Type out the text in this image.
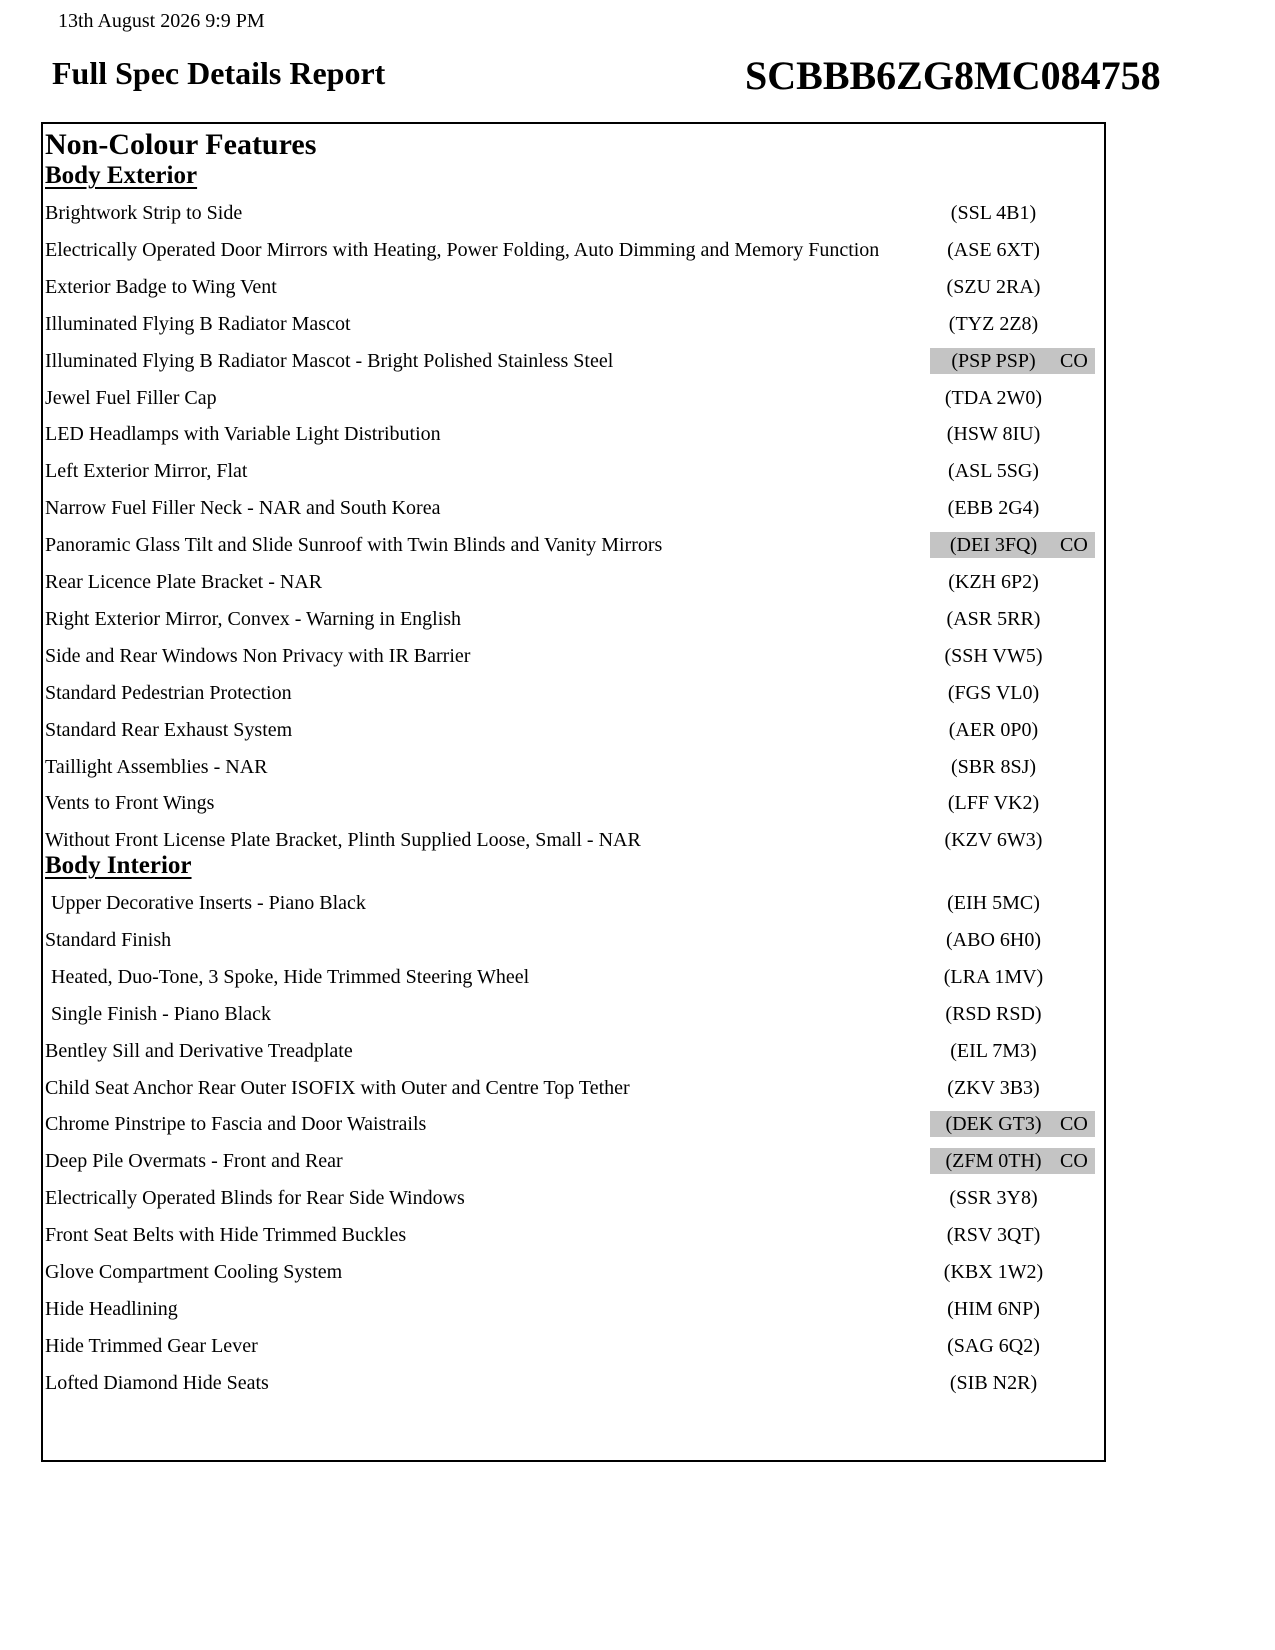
13th August 2026 9:9 PM
Full Spec Details Report	SCBBB6ZG8MC084758
Non-Colour Features
Body Exterior
Brightwork Strip to Side	(SSL 4B1)
Electrically Operated Door Mirrors with Heating, Power Folding, Auto Dimming and Memory Function	(ASE 6XT)
Exterior Badge to Wing Vent	(SZU 2RA)
Illuminated Flying B Radiator Mascot	(TYZ 2Z8)
Illuminated Flying B Radiator Mascot - Bright Polished Stainless Steel	(PSP PSP)	CO
Jewel Fuel Filler Cap	(TDA 2W0)
LED Headlamps with Variable Light Distribution	(HSW 8IU)
Left Exterior Mirror, Flat	(ASL 5SG)
Narrow Fuel Filler Neck - NAR and South Korea	(EBB 2G4)
Panoramic Glass Tilt and Slide Sunroof with Twin Blinds and Vanity Mirrors	(DEI 3FQ)	CO
Rear Licence Plate Bracket - NAR	(KZH 6P2)
Right Exterior Mirror, Convex - Warning in English	(ASR 5RR)
Side and Rear Windows Non Privacy with IR Barrier	(SSH VW5)
Standard Pedestrian Protection	(FGS VL0)
Standard Rear Exhaust System	(AER 0P0)
Taillight Assemblies - NAR	(SBR 8SJ)
Vents to Front Wings	(LFF VK2)
Without Front License Plate Bracket, Plinth Supplied Loose, Small - NAR	(KZV 6W3)
Body Interior
Upper Decorative Inserts - Piano Black	(EIH 5MC)
Standard Finish	(ABO 6H0)
Heated, Duo-Tone, 3 Spoke, Hide Trimmed Steering Wheel	(LRA 1MV)
Single Finish - Piano Black	(RSD RSD)
Bentley Sill and Derivative Treadplate	(EIL 7M3)
Child Seat Anchor Rear Outer ISOFIX with Outer and Centre Top Tether	(ZKV 3B3)
Chrome Pinstripe to Fascia and Door Waistrails	(DEK GT3) CO
Deep Pile Overmats - Front and Rear	(ZFM 0TH) CO
Electrically Operated Blinds for Rear Side Windows	(SSR 3Y8)
Front Seat Belts with Hide Trimmed Buckles	(RSV 3QT)
Glove Compartment Cooling System	(KBX 1W2)
Hide Headlining	(HIM 6NP)
Hide Trimmed Gear Lever	(SAG 6Q2)
Lofted Diamond Hide Seats	(SIB N2R)
